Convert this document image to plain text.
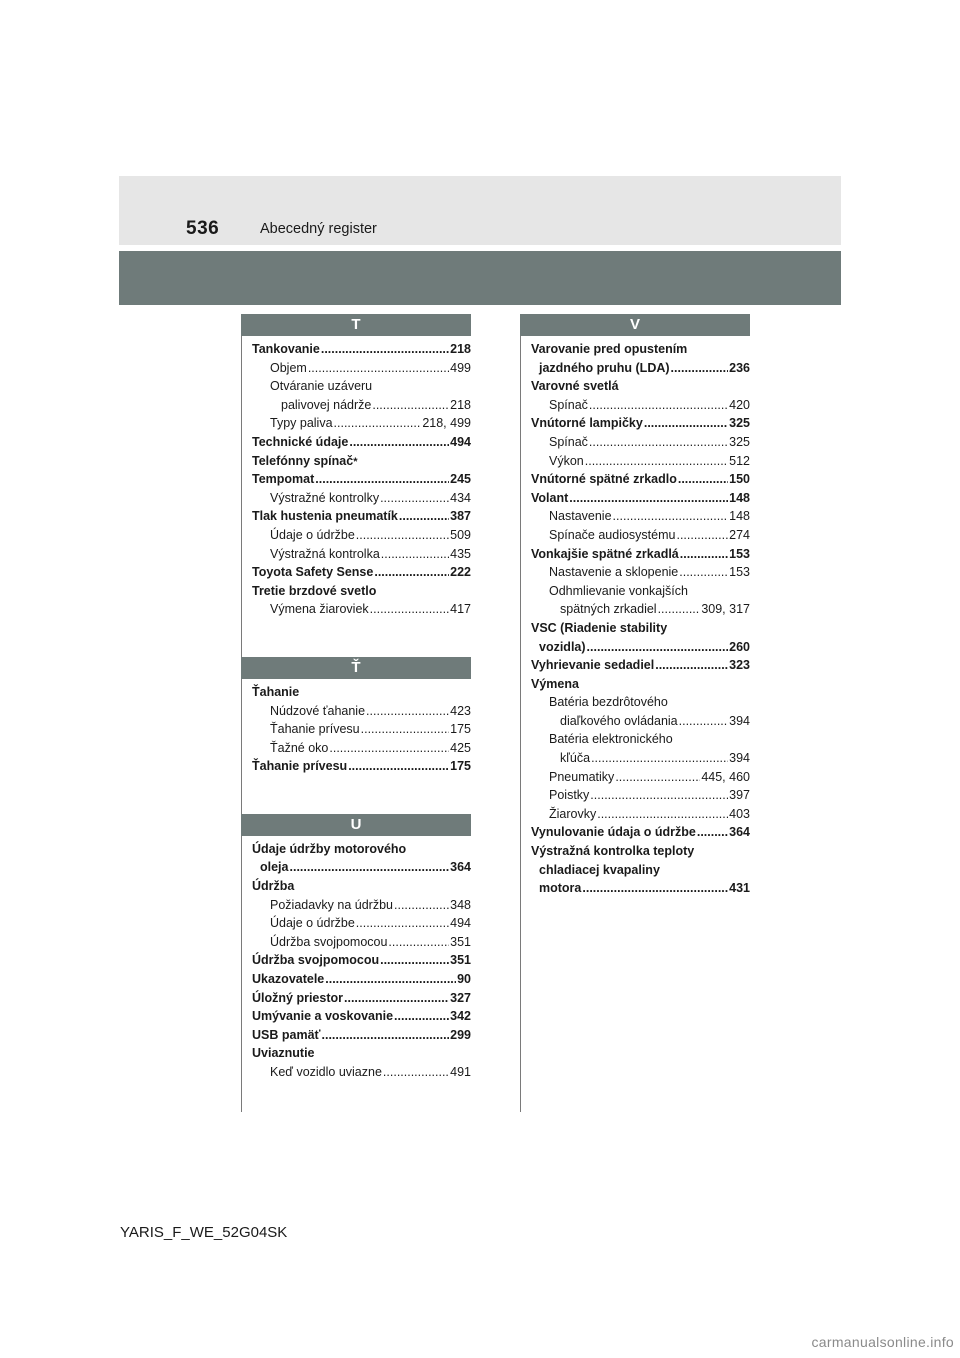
536	Abecedný register
T
Tankovanie .....	218
Objem .....	499
Otváranie uzáveru
palivovej nádrže .....	218
Typy paliva .....	218, 499
Technické údaje .....	494
Telefónny spínač *
Tempomat .....	245
Výstražné kontrolky .....	434
Tlak hustenia pneumatík .....	387
Údaje o údržbe .....	509
Výstražná kontrolka .....	435
Toyota Safety Sense .....	222
Tretie brzdové svetlo
Výmena žiaroviek .....	417
Ť
Ťahanie
Núdzové ťahanie .....	423
Ťahanie prívesu .....	175
Ťažné oko .....	425
Ťahanie prívesu .....	175
U
Údaje údržby motorového
oleja .....	364
Údržba
Požiadavky na údržbu .....	348
Údaje o údržbe .....	494
Údržba svojpomocou .....	351
Údržba svojpomocou .....	351
Ukazovatele .....	90
Úložný priestor .....	327
Umývanie a voskovanie .....	342
USB pamäť .....	299
Uviaznutie
Keď vozidlo uviazne .....	491
V
Varovanie pred opustením
jazdného pruhu (LDA) .....	236
Varovné svetlá
Spínač .....	420
Vnútorné lampičky .....	325
Spínač .....	325
Výkon .....	512
Vnútorné spätné zrkadlo .....	150
Volant .....	148
Nastavenie .....	148
Spínače audiosystému .....	274
Vonkajšie spätné zrkadlá .....	153
Nastavenie a sklopenie .....	153
Odhmlievanie vonkajších
spätných zrkadiel .....	309, 317
VSC (Riadenie stability
vozidla) .....	260
Vyhrievanie sedadiel .....	323
Výmena
Batéria bezdrôtového
diaľkového ovládania .....	394
Batéria elektronického
kľúča .....	394
Pneumatiky .....	445, 460
Poistky .....	397
Žiarovky .....	403
Vynulovanie údaja o údržbe .....	364
Výstražná kontrolka teploty
chladiacej kvapaliny
motora .....	431
YARIS_F_WE_52G04SK
carmanualsonline.info
